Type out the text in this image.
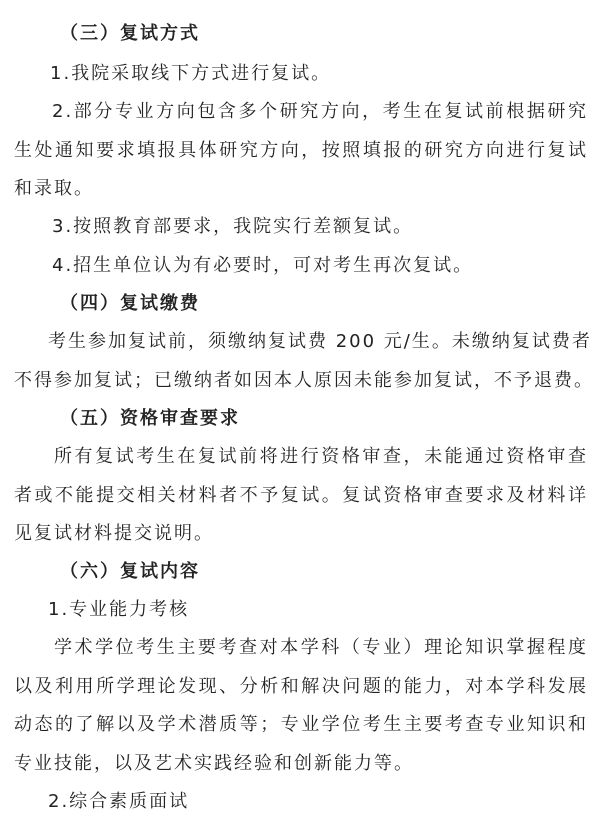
（三）复试方式
1.我院采取线下方式进行复试。
2.部分专业方向包含多个研究方向，考生在复试前根据研究
生处通知要求填报具体研究方向，按照填报的研究方向进行复试
和录取。
3.按照教育部要求，我院实行差额复试。
4.招生单位认为有必要时，可对考生再次复试。
（四）复试缴费
考生参加复试前，须缴纳复试费 200 元/生。未缴纳复试费者
不得参加复试；已缴纳者如因本人原因未能参加复试，不予退费。
（五）资格审查要求
所有复试考生在复试前将进行资格审查，未能通过资格审查
者或不能提交相关材料者不予复试。复试资格审查要求及材料详
见复试材料提交说明。
（六）复试内容
1.专业能力考核
学术学位考生主要考查对本学科（专业）理论知识掌握程度
以及利用所学理论发现、分析和解决问题的能力，对本学科发展
动态的了解以及学术潜质等；专业学位考生主要考查专业知识和
专业技能，以及艺术实践经验和创新能力等。
2.综合素质面试
